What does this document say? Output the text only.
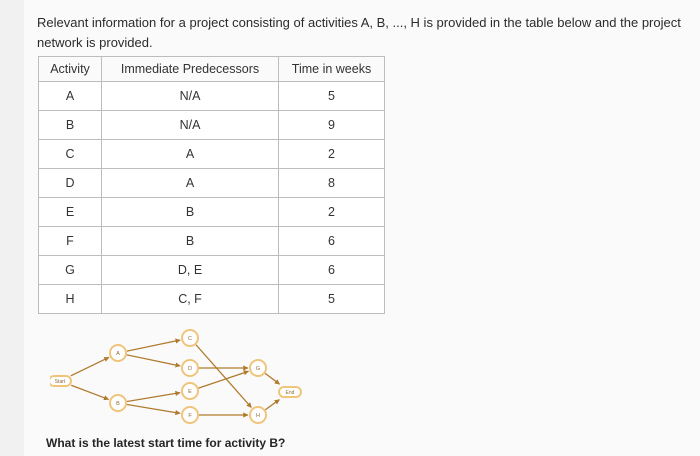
Relevant information for a project consisting of activities A, B, ..., H is provided in the table below and the project network is provided.
Activity	Immediate Predecessors	Time in weeks
A	N/A	5
B	N/A	9
C	A	2
D	A	8
E	B	2
F	B	6
G	D, E	6
H	C, F	5
Start
A
B
C
D
E
F
G
H
End
What is the latest start time for activity B?
